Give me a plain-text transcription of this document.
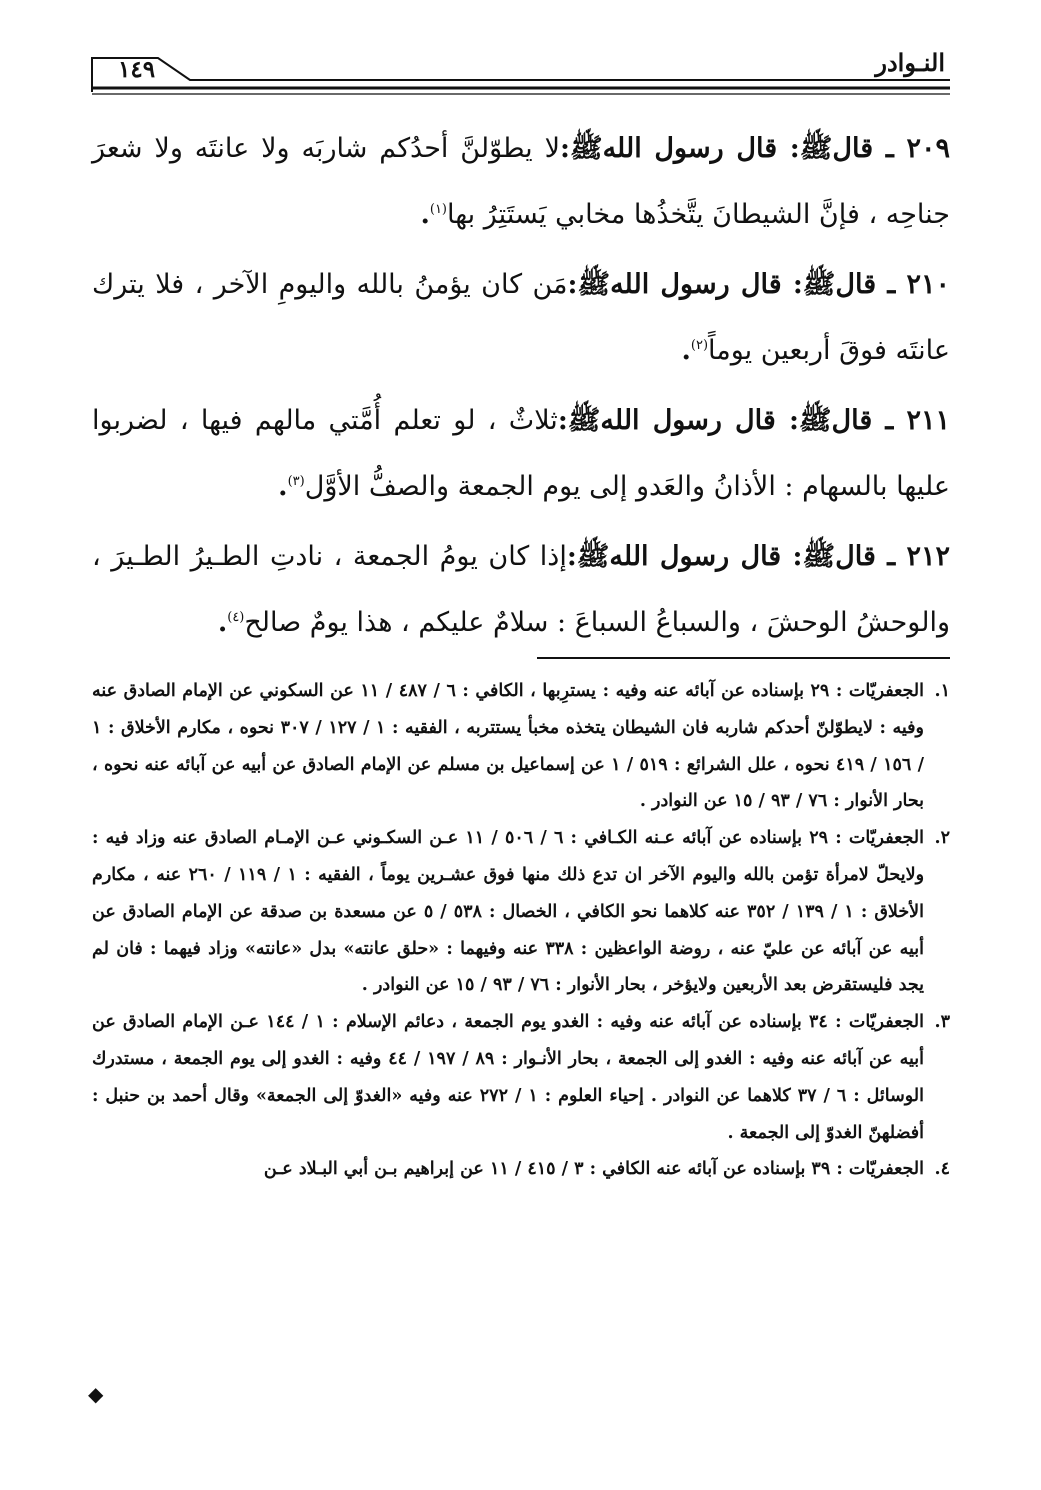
النـوادر
١٤٩

٢٠٩ ـ قالﷺ: قال رسول اللهﷺ:لا يطوّلنَّ أحدُكم شاربَه ولا عانتَه ولا شعرَ جناحِه ، فإنَّ الشيطانَ يتَّخذُها مخابي يَستَتِرُ بها$^{(١)}$.

٢١٠ ـ قالﷺ: قال رسول اللهﷺ:مَن كان يؤمنُ بالله واليومِ الآخر ، فلا يترك عانتَه فوقَ أربعين يوماً$^{(٢)}$.

٢١١ ـ قالﷺ: قال رسول اللهﷺ:ثلاثٌ ، لو تعلم أُمَّتي مالهم فيها ، لضربوا عليها بالسهام : الأذانُ والعَدو إلى يوم الجمعة والصفُّ الأوَّل$^{(٣)}$.

٢١٢ ـ قالﷺ: قال رسول اللهﷺ:إذا كان يومُ الجمعة ، نادتِ الطـيرُ الطـيرَ ، والوحشُ الوحشَ ، والسباعُ السباعَ : سلامٌ عليكم ، هذا يومٌ صالح$^{(٤)}$.

١.
الجعفريّات : ٢٩ بإسناده عن آبائه عنه وفيه : يسترِبها ، الكافي : ٦ / ٤٨٧ / ١١ عن السكوني عن الإمام الصادق عنه وفيه : لايطوّلنّ أحدكم شاربه فان الشيطان يتخذه مخبأ يستتربه ، الفقيه : ١ / ١٢٧ / ٣٠٧ نحوه ، مكارم الأخلاق : ١ / ١٥٦ / ٤١٩ نحوه ، علل الشرائع : ٥١٩ / ١ عن إسماعيل بن مسلم عن الإمام الصادق عن أبيه عن آبائه عنه نحوه ، بحار الأنوار : ٧٦ / ٩٣ / ١٥ عن النوادر .

٢.
الجعفريّات : ٢٩ بإسناده عن آبائه عـنه الكـافي : ٦ / ٥٠٦ / ١١ عـن السكـوني عـن الإمـام الصادق عنه وزاد فيه : ولايحلّ لامرأة تؤمن بالله واليوم الآخر ان تدع ذلك منها فوق عشـرين يوماً ، الفقيه : ١ / ١١٩ / ٢٦٠ عنه ، مكارم الأخلاق : ١ / ١٣٩ / ٣٥٢ عنه كلاهما نحو الكافي ، الخصال : ٥٣٨ / ٥ عن مسعدة بن صدقة عن الإمام الصادق عن أبيه عن آبائه عن عليّ عنه ، روضة الواعظين : ٣٣٨ عنه وفيهما : «حلق عانته» بدل «عانته» وزاد فيهما : فان لم يجد فليستقرض بعد الأربعين ولايؤخر ، بحار الأنوار : ٧٦ / ٩٣ / ١٥ عن النوادر .

٣.
الجعفريّات : ٣٤ بإسناده عن آبائه عنه وفيه : الغدو يوم الجمعة ، دعائم الإسلام : ١ / ١٤٤ عـن الإمام الصادق عن أبيه عن آبائه عنه وفيه : الغدو إلى الجمعة ، بحار الأنـوار : ٨٩ / ١٩٧ / ٤٤ وفيه : الغدو إلى يوم الجمعة ، مستدرك الوسائل : ٦ / ٣٧ كلاهما عن النوادر . إحياء العلوم : ١ / ٢٧٢ عنه وفيه «الغدوّ إلى الجمعة» وقال أحمد بن حنبل : أفضلهنّ الغدوّ إلى الجمعة .

٤.
الجعفريّات : ٣٩ بإسناده عن آبائه عنه الكافي : ٣ / ٤١٥ / ١١ عن إبراهيم بـن أبي البـلاد عـن

◆
